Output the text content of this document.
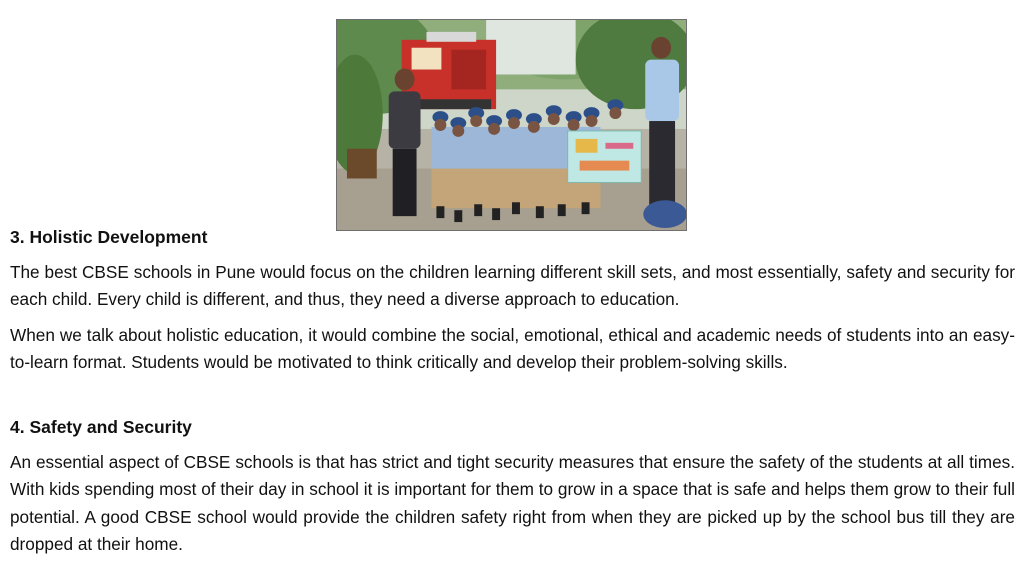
3. Holistic Development

The best CBSE schools in Pune would focus on the children learning different skill sets, and most essentially, safety and security for each child. Every child is different, and thus, they need a diverse approach to education.

When we talk about holistic education, it would combine the social, emotional, ethical and academic needs of students into an easy-to-learn format. Students would be motivated to think critically and develop their problem-solving skills.

4. Safety and Security

An essential aspect of CBSE schools is that has strict and tight security measures that ensure the safety of the students at all times. With kids spending most of their day in school it is important for them to grow in a space that is safe and helps them grow to their full potential. A good CBSE school would provide the children safety right from when they are picked up by the school bus till they are dropped at their home.
